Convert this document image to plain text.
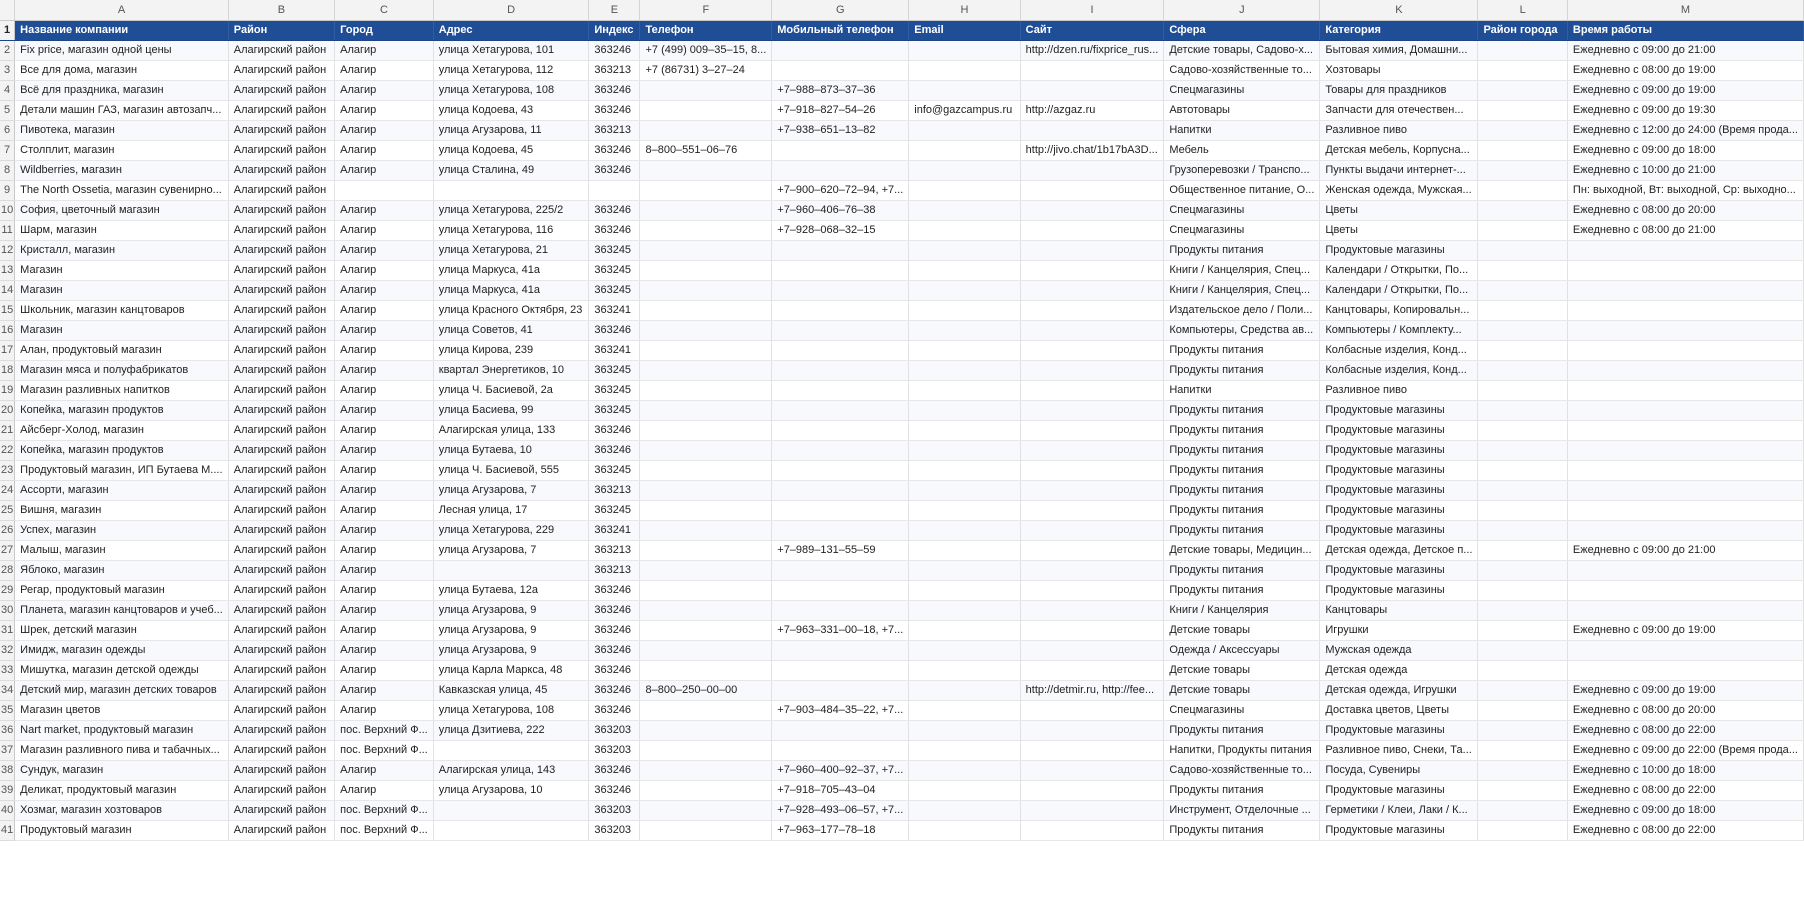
	A	B	C	D	E	F	G	H	I	J	K	L	M
1	Название компании	Район	Город	Адрес	Индекс	Телефон	Мобильный телефон	Email	Сайт	Сфера	Категория	Район города	Время работы
2	Fix price, магазин одной цены	Алагирский район	Алагир	улица Хетагурова, 101	363246	+7 (499) 009–35–15, 8...			http://dzen.ru/fixprice_rus...	Детские товары, Садово-х...	Бытовая химия, Домашни...		Ежедневно с 09:00 до 21:00
3	Все для дома, магазин	Алагирский район	Алагир	улица Хетагурова, 112	363213	+7 (86731) 3–27–24				Садово-хозяйственные то...	Хозтовары		Ежедневно с 08:00 до 19:00
4	Всё для праздника, магазин	Алагирский район	Алагир	улица Хетагурова, 108	363246		+7–988–873–37–36			Спецмагазины	Товары для праздников		Ежедневно с 09:00 до 19:00
5	Детали машин ГАЗ, магазин автозапч...	Алагирский район	Алагир	улица Кодоева, 43	363246		+7–918–827–54–26	info@gazcampus.ru	http://azgaz.ru	Автотовары	Запчасти для отечествен...		Ежедневно с 09:00 до 19:30
6	Пивотека, магазин	Алагирский район	Алагир	улица Агузарова, 11	363213		+7–938–651–13–82			Напитки	Разливное пиво		Ежедневно с 12:00 до 24:00 (Время прода...
7	Столплит, магазин	Алагирский район	Алагир	улица Кодоева, 45	363246	8–800–551–06–76			http://jivo.chat/1b17bA3D...	Мебель	Детская мебель, Корпусна...		Ежедневно с 09:00 до 18:00
8	Wildberries, магазин	Алагирский район	Алагир	улица Сталина, 49	363246					Грузоперевозки / Транспо...	Пункты выдачи интернет-...		Ежедневно с 10:00 до 21:00
9	The North Ossetia, магазин сувенирно...	Алагирский район					+7–900–620–72–94, +7...			Общественное питание, О...	Женская одежда, Мужская...		Пн: выходной, Вт: выходной, Ср: выходно...
10	София, цветочный магазин	Алагирский район	Алагир	улица Хетагурова, 225/2	363246		+7–960–406–76–38			Спецмагазины	Цветы		Ежедневно с 08:00 до 20:00
11	Шарм, магазин	Алагирский район	Алагир	улица Хетагурова, 116	363246		+7–928–068–32–15			Спецмагазины	Цветы		Ежедневно с 08:00 до 21:00
12	Кристалл, магазин	Алагирский район	Алагир	улица Хетагурова, 21	363245					Продукты питания	Продуктовые магазины		
13	Магазин	Алагирский район	Алагир	улица Маркуса, 41а	363245					Книги / Канцелярия, Спец...	Календари / Открытки, По...		
14	Магазин	Алагирский район	Алагир	улица Маркуса, 41а	363245					Книги / Канцелярия, Спец...	Календари / Открытки, По...		
15	Школьник, магазин канцтоваров	Алагирский район	Алагир	улица Красного Октября, 23	363241					Издательское дело / Поли...	Канцтовары, Копировальн...		
16	Магазин	Алагирский район	Алагир	улица Советов, 41	363246					Компьютеры, Средства ав...	Компьютеры / Комплекту...		
17	Алан, продуктовый магазин	Алагирский район	Алагир	улица Кирова, 239	363241					Продукты питания	Колбасные изделия, Конд...		
18	Магазин мяса и полуфабрикатов	Алагирский район	Алагир	квартал Энергетиков, 10	363245					Продукты питания	Колбасные изделия, Конд...		
19	Магазин разливных напитков	Алагирский район	Алагир	улица Ч. Басиевой, 2а	363245					Напитки	Разливное пиво		
20	Копейка, магазин продуктов	Алагирский район	Алагир	улица Басиева, 99	363245					Продукты питания	Продуктовые магазины		
21	Айсберг-Холод, магазин	Алагирский район	Алагир	Алагирская улица, 133	363246					Продукты питания	Продуктовые магазины		
22	Копейка, магазин продуктов	Алагирский район	Алагир	улица Бутаева, 10	363246					Продукты питания	Продуктовые магазины		
23	Продуктовый магазин, ИП Бутаева М....	Алагирский район	Алагир	улица Ч. Басиевой, 555	363245					Продукты питания	Продуктовые магазины		
24	Ассорти, магазин	Алагирский район	Алагир	улица Агузарова, 7	363213					Продукты питания	Продуктовые магазины		
25	Вишня, магазин	Алагирский район	Алагир	Лесная улица, 17	363245					Продукты питания	Продуктовые магазины		
26	Успех, магазин	Алагирский район	Алагир	улица Хетагурова, 229	363241					Продукты питания	Продуктовые магазины		
27	Малыш, магазин	Алагирский район	Алагир	улица Агузарова, 7	363213		+7–989–131–55–59			Детские товары, Медицин...	Детская одежда, Детское п...		Ежедневно с 09:00 до 21:00
28	Яблоко, магазин	Алагирский район	Алагир		363213					Продукты питания	Продуктовые магазины		
29	Регар, продуктовый магазин	Алагирский район	Алагир	улица Бутаева, 12а	363246					Продукты питания	Продуктовые магазины		
30	Планета, магазин канцтоваров и учеб...	Алагирский район	Алагир	улица Агузарова, 9	363246					Книги / Канцелярия	Канцтовары		
31	Шрек, детский магазин	Алагирский район	Алагир	улица Агузарова, 9	363246		+7–963–331–00–18, +7...			Детские товары	Игрушки		Ежедневно с 09:00 до 19:00
32	Имидж, магазин одежды	Алагирский район	Алагир	улица Агузарова, 9	363246					Одежда / Аксессуары	Мужская одежда		
33	Мишутка, магазин детской одежды	Алагирский район	Алагир	улица Карла Маркса, 48	363246					Детские товары	Детская одежда		
34	Детский мир, магазин детских товаров	Алагирский район	Алагир	Кавказская улица, 45	363246	8–800–250–00–00			http://detmir.ru, http://fee...	Детские товары	Детская одежда, Игрушки		Ежедневно с 09:00 до 19:00
35	Магазин цветов	Алагирский район	Алагир	улица Хетагурова, 108	363246		+7–903–484–35–22, +7...			Спецмагазины	Доставка цветов, Цветы		Ежедневно с 08:00 до 20:00
36	Nart market, продуктовый магазин	Алагирский район	пос. Верхний Ф...	улица Дзитиева, 222	363203					Продукты питания	Продуктовые магазины		Ежедневно с 08:00 до 22:00
37	Магазин разливного пива и табачных...	Алагирский район	пос. Верхний Ф...		363203					Напитки, Продукты питания	Разливное пиво, Снеки, Та...		Ежедневно с 09:00 до 22:00 (Время прода...
38	Сундук, магазин	Алагирский район	Алагир	Алагирская улица, 143	363246		+7–960–400–92–37, +7...			Садово-хозяйственные то...	Посуда, Сувениры		Ежедневно с 10:00 до 18:00
39	Деликат, продуктовый магазин	Алагирский район	Алагир	улица Агузарова, 10	363246		+7–918–705–43–04			Продукты питания	Продуктовые магазины		Ежедневно с 08:00 до 22:00
40	Хозмаг, магазин хозтоваров	Алагирский район	пос. Верхний Ф...		363203		+7–928–493–06–57, +7...			Инструмент, Отделочные ...	Герметики / Клеи, Лаки / К...		Ежедневно с 09:00 до 18:00
41	Продуктовый магазин	Алагирский район	пос. Верхний Ф...		363203		+7–963–177–78–18			Продукты питания	Продуктовые магазины		Ежедневно с 08:00 до 22:00
